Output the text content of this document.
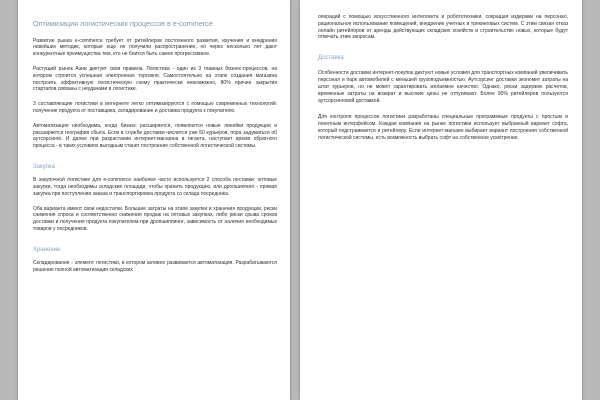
Оптимизация логистических процессов в e-commerce

Развитие рынка e-commerce требует от ритейлеров постоянного развития, изучения и внедрения новейших методик, которые еще не получили распространение, но через несколько лет дают конкурентные преимущества тем, кто не боится быть самое прогрессивное.

Растущий рынок Азии диктует свои правила. Логистика - один из 3 главных бизнес-процессов, на котором строится успешная электронная торговля. Самостоятельно на этапе создания магазина построить эффективную логистическую схему практически невозможно, 80% причин закрытия стартапов связаны с неудачами в логистике.

3 составляющие логистики в интернете легко оптимизируются с помощью современных технологий: получение продукта от поставщика, складирование и доставка продукта к покупателю.

Автоматизация необходима, когда бизнес расширяется, появляются новые линейки продукции и расширяется география сбыта. Если в службе доставки числится уже 50 курьеров, пора задуматься об аутсорсинге. И далее при разрастании интернет-магазина в гиганта, наступает время обратного процесса - в таких условиях выгодным станет построение собственной логистической системы.

Закупка

В закупочной логистике для e-commerce наиболее часто используется 2 способа поставки: оптовые закупки, тогда необходимы складские площади, чтобы хранить продукцию, или дропшиппинг - прямая закупка при поступлении заказа и транспортировка продукта со склада посредника.

Оба варианта имеют свои недостатки. Большие затраты на этапе закупки и хранения продукции, риски снижения спроса и соответственно снижения продаж на оптовых закупках, либо риски срыва сроков доставки и получения продукта покупателем при дропшиппинге, зависимость от наличия необходимых товаров у посредников.

Хранение

Складирование - элемент логистики, в котором активно развивается автоматизация. Разрабатываются решения полной автоматизации складских

операций с помощью искусственного интеллекта и робототехники, сокращая издержки на персонал, рациональное использование помещений, внедрение учетных и трекинговых систем. С этим связан отказ онлайн ритейлеров от аренды действующих складских хозяйств и строительство новых, которые будут отвечать этим запросам.

Доставка

Особенности доставки интернет-покупок диктуют новые условия для транспортных компаний увеличивать персонал и парк автомобилей с меньшей грузоподъемностью. Аутсорсинг доставки экономит затраты на штат курьеров, но не может гарантировать желаемое качество. Однако, риски задержек расчетов, временные затраты на возврат и высокие цены не отпугивают. Более 90% ритейлеров пользуются аутсорсинговой доставкой.

Для контроля процессов логистики разработаны специальные программные продукты с простым и понятным интерфейсом. Каждая компания на рынке логистики использует выбранный вариант софта, который подстраивается и ритейлеру. Если интернет-магазин выбирает вариант построения собственной логистической системы, есть возможность выбрать софт на собственное усмотрение.
